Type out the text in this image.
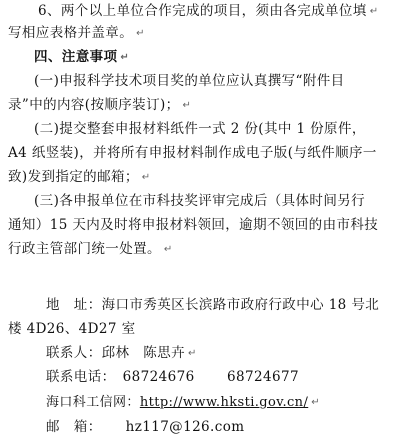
6、两个以上单位合作完成的项目，须由各完成单位填 ↵
写相应表格并盖章。 ↵
四、注意事项 ↵
(一)申报科学技术项目奖的单位应认真撰写“附件目
录”中的内容(按顺序装订)； ↵
(二)提交整套申报材料纸件一式 2 份(其中 1 份原件，
A4 纸竖装)，并将所有申报材料制作成电子版(与纸件顺序一
致)发到指定的邮箱； ↵
(三)各申报单位在市科技奖评审完成后（具体时间另行
通知）15 天内及时将申报材料领回，逾期不领回的由市科技
行政主管部门统一处置。 ↵
地　址：海口市秀英区长滨路市政府行政中心 18 号北
楼 4D26、4D27 室
联系人：邱林　陈思卉 ↵
联系电话：　68724676　　 68724677
海口科工信网：http://www.hksti.gov.cn/ ↵
邮　箱： hz117@126.com
